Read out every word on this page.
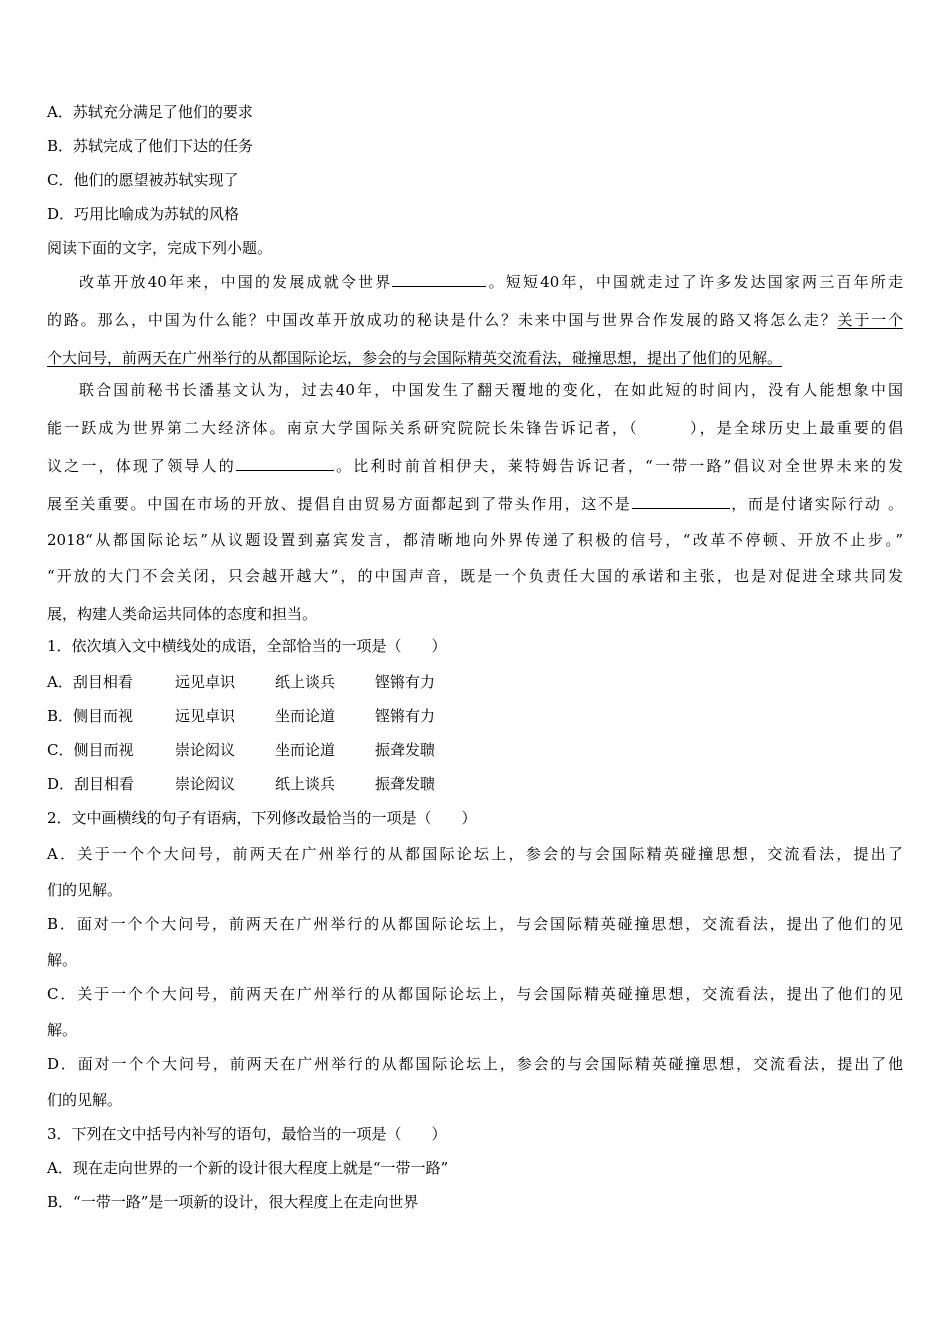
A．苏轼充分满足了他们的要求
B．苏轼完成了他们下达的任务
C．他们的愿望被苏轼实现了
D．巧用比喻成为苏轼的风格
阅读下面的文字，完成下列小题。
改革开放40年来，中国的发展成就令世界	。短短40年，中国就走过了许多发达国家两三百年所走
的路。那么，中国为什么能？中国改革开放成功的秘诀是什么？未来中国与世界合作发展的路又将怎么走？关于一个
个大问号，前两天在广州举行的从都国际论坛，参会的与会国际精英交流看法，碰撞思想，提出了他们的见解。
联合国前秘书长潘基文认为，过去40年，中国发生了翻天覆地的变化，在如此短的时间内，没有人能想象中国
能一跃成为世界第二大经济体。南京大学国际关系研究院院长朱锋告诉记者，（　　　），是全球历史上最重要的倡
议之一，体现了领导人的	。比利时前首相伊夫，莱特姆告诉记者，“一带一路”倡议对全世界未来的发
展至关重要。中国在市场的开放、提倡自由贸易方面都起到了带头作用，这不是	，而是付诸实际行动 。
2018“从都国际论坛”从议题设置到嘉宾发言，都清晰地向外界传递了积极的信号，“改革不停顿、开放不止步。”
“开放的大门不会关闭，只会越开越大”，的中国声音，既是一个负责任大国的承诺和主张，也是对促进全球共同发
展，构建人类命运共同体的态度和担当。
1．依次填入文中横线处的成语，全部恰当的一项是（　　）
A．刮目相看	远见卓识	纸上谈兵	铿锵有力
B．侧目而视	远见卓识	坐而论道	铿锵有力
C．侧目而视	崇论闳议	坐而论道	振聋发聩
D．刮目相看	崇论闳议	纸上谈兵	振聋发聩
2．文中画横线的句子有语病，下列修改最恰当的一项是（　　）
A．关于一个个大问号，前两天在广州举行的从都国际论坛上，参会的与会国际精英碰撞思想，交流看法，提出了
们的见解。
B．面对一个个大问号，前两天在广州举行的从都国际论坛上，与会国际精英碰撞思想，交流看法，提出了他们的见
解。
C．关于一个个大问号，前两天在广州举行的从都国际论坛上，与会国际精英碰撞思想，交流看法，提出了他们的见
解。
D．面对一个个大问号，前两天在广州举行的从都国际论坛上，参会的与会国际精英碰撞思想，交流看法，提出了他
们的见解。
3．下列在文中括号内补写的语句，最恰当的一项是（　　）
A．现在走向世界的一个新的设计很大程度上就是“一带一路”
B．“一带一路”是一项新的设计，很大程度上在走向世界
